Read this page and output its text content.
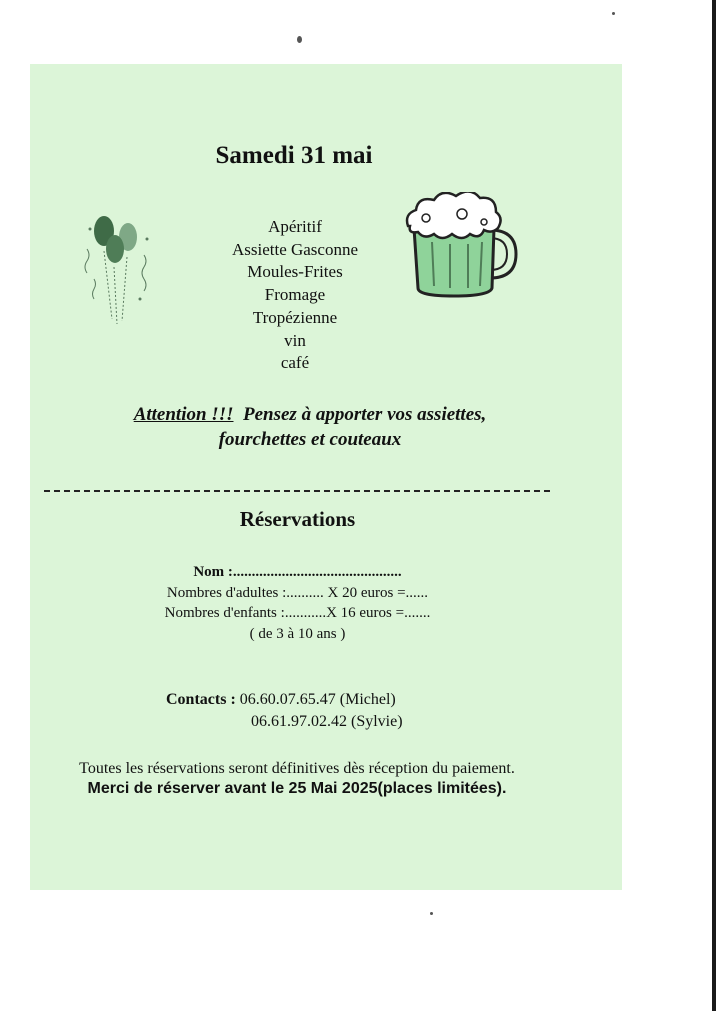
Samedi 31 mai
Apéritif
Assiette Gasconne
Moules-Frites
Fromage
Tropézienne
vin
café
Attention !!! Pensez à apporter vos assiettes,
fourchettes et couteaux
Réservations
Nom :.............................................
Nombres d'adultes :.......... X 20 euros =......
Nombres d'enfants :...........X 16 euros =.......
( de 3 à 10 ans )
Contacts : 06.60.07.65.47 (Michel)
06.61.97.02.42 (Sylvie)
Toutes les réservations seront définitives dès réception du paiement.
Merci de réserver avant le 25 Mai 2025(places limitées).
